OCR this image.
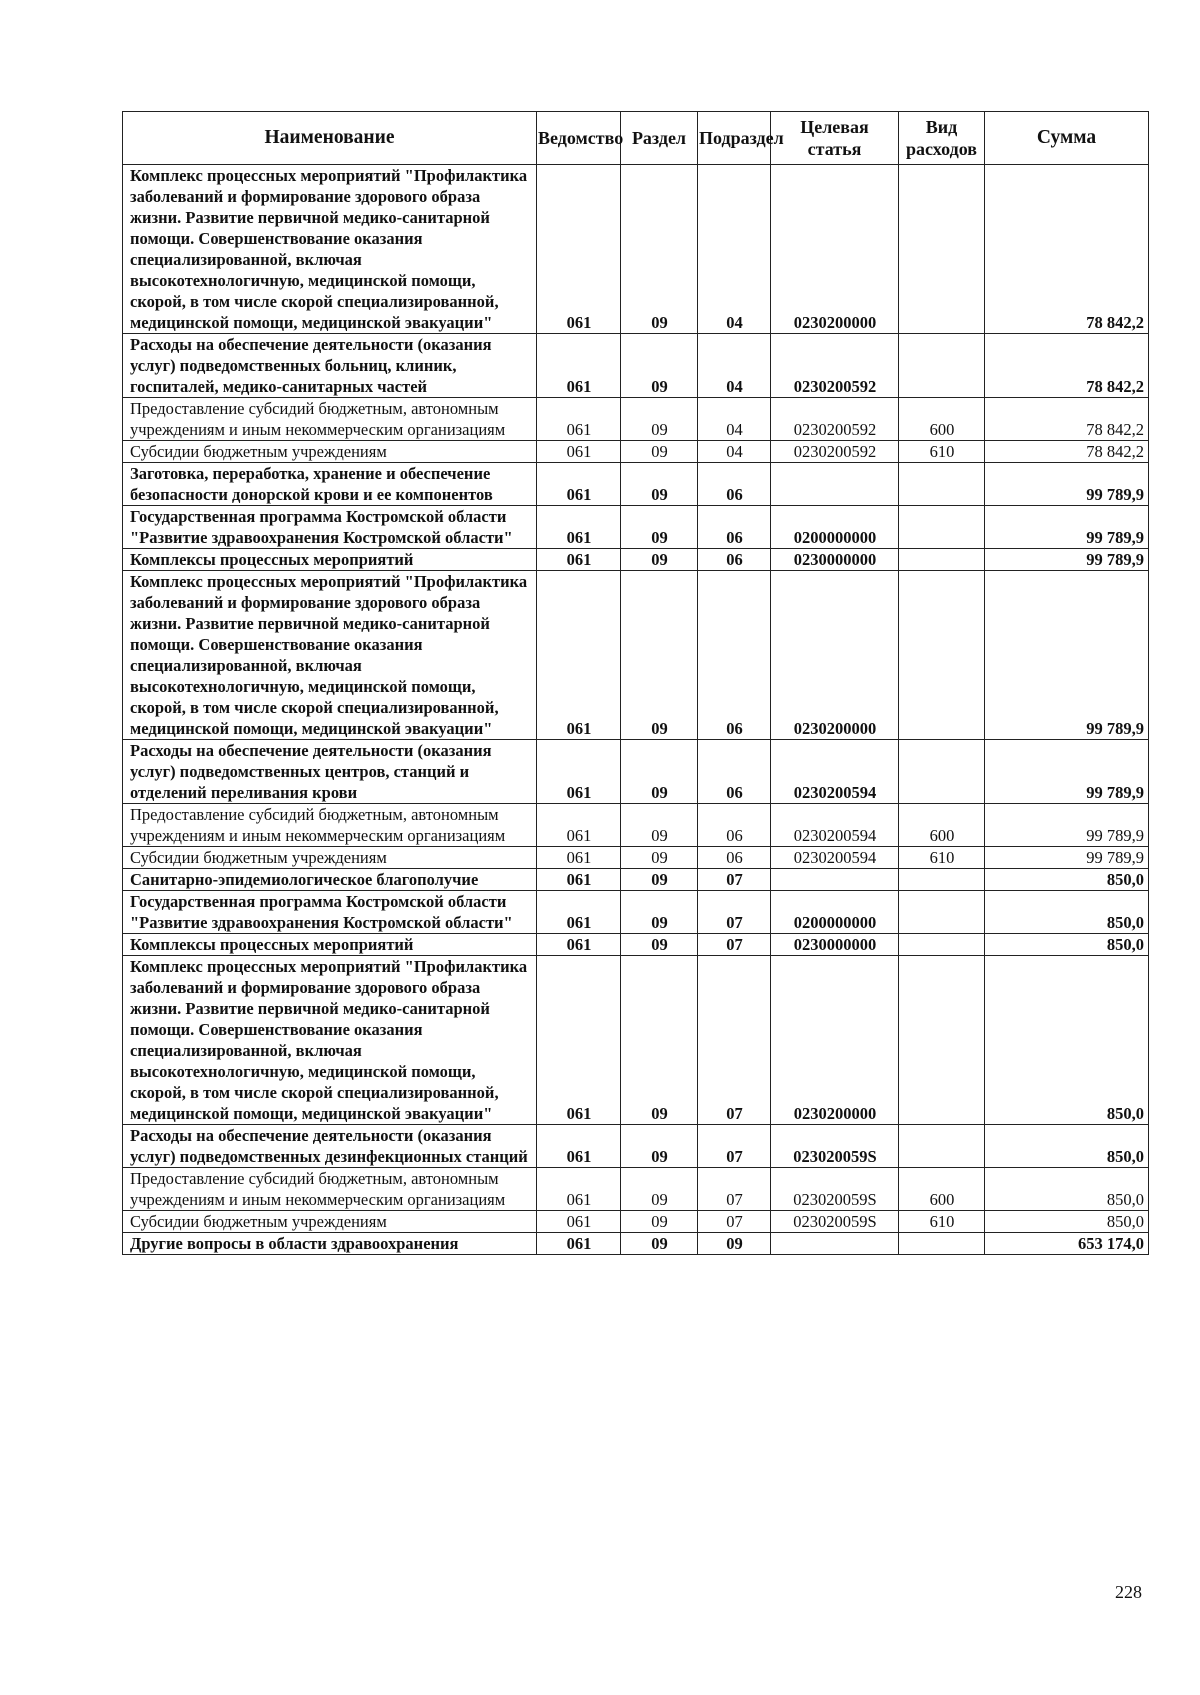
Наименование	Ведомство	Раздел	Подраздел	Целевая статья	Вид расходов	Сумма
Комплекс процессных мероприятий "Профилактика заболеваний и формирование здорового образа жизни. Развитие первичной медико-санитарной помощи. Совершенствование оказания специализированной, включая высокотехнологичную, медицинской помощи, скорой, в том числе скорой специализированной, медицинской помощи, медицинской эвакуации"	061	09	04	0230200000		78 842,2
Расходы на обеспечение деятельности (оказания услуг) подведомственных больниц, клиник, госпиталей, медико-санитарных частей	061	09	04	0230200592		78 842,2
Предоставление субсидий бюджетным, автономным учреждениям и иным некоммерческим организациям	061	09	04	0230200592	600	78 842,2
Субсидии бюджетным учреждениям	061	09	04	0230200592	610	78 842,2
Заготовка, переработка, хранение и обеспечение безопасности донорской крови и ее компонентов	061	09	06			99 789,9
Государственная программа Костромской области "Развитие здравоохранения Костромской области"	061	09	06	0200000000		99 789,9
Комплексы процессных мероприятий	061	09	06	0230000000		99 789,9
Комплекс процессных мероприятий "Профилактика заболеваний и формирование здорового образа жизни. Развитие первичной медико-санитарной помощи. Совершенствование оказания специализированной, включая высокотехнологичную, медицинской помощи, скорой, в том числе скорой специализированной, медицинской помощи, медицинской эвакуации"	061	09	06	0230200000		99 789,9
Расходы на обеспечение деятельности (оказания услуг) подведомственных центров, станций и отделений переливания крови	061	09	06	0230200594		99 789,9
Предоставление субсидий бюджетным, автономным учреждениям и иным некоммерческим организациям	061	09	06	0230200594	600	99 789,9
Субсидии бюджетным учреждениям	061	09	06	0230200594	610	99 789,9
Санитарно-эпидемиологическое благополучие	061	09	07			850,0
Государственная программа Костромской области "Развитие здравоохранения Костромской области"	061	09	07	0200000000		850,0
Комплексы процессных мероприятий	061	09	07	0230000000		850,0
Комплекс процессных мероприятий "Профилактика заболеваний и формирование здорового образа жизни. Развитие первичной медико-санитарной помощи. Совершенствование оказания специализированной, включая высокотехнологичную, медицинской помощи, скорой, в том числе скорой специализированной, медицинской помощи, медицинской эвакуации"	061	09	07	0230200000		850,0
Расходы на обеспечение деятельности (оказания услуг) подведомственных дезинфекционных станций	061	09	07	023020059S		850,0
Предоставление субсидий бюджетным, автономным учреждениям и иным некоммерческим организациям	061	09	07	023020059S	600	850,0
Субсидии бюджетным учреждениям	061	09	07	023020059S	610	850,0
Другие вопросы в области здравоохранения	061	09	09			653 174,0
228
